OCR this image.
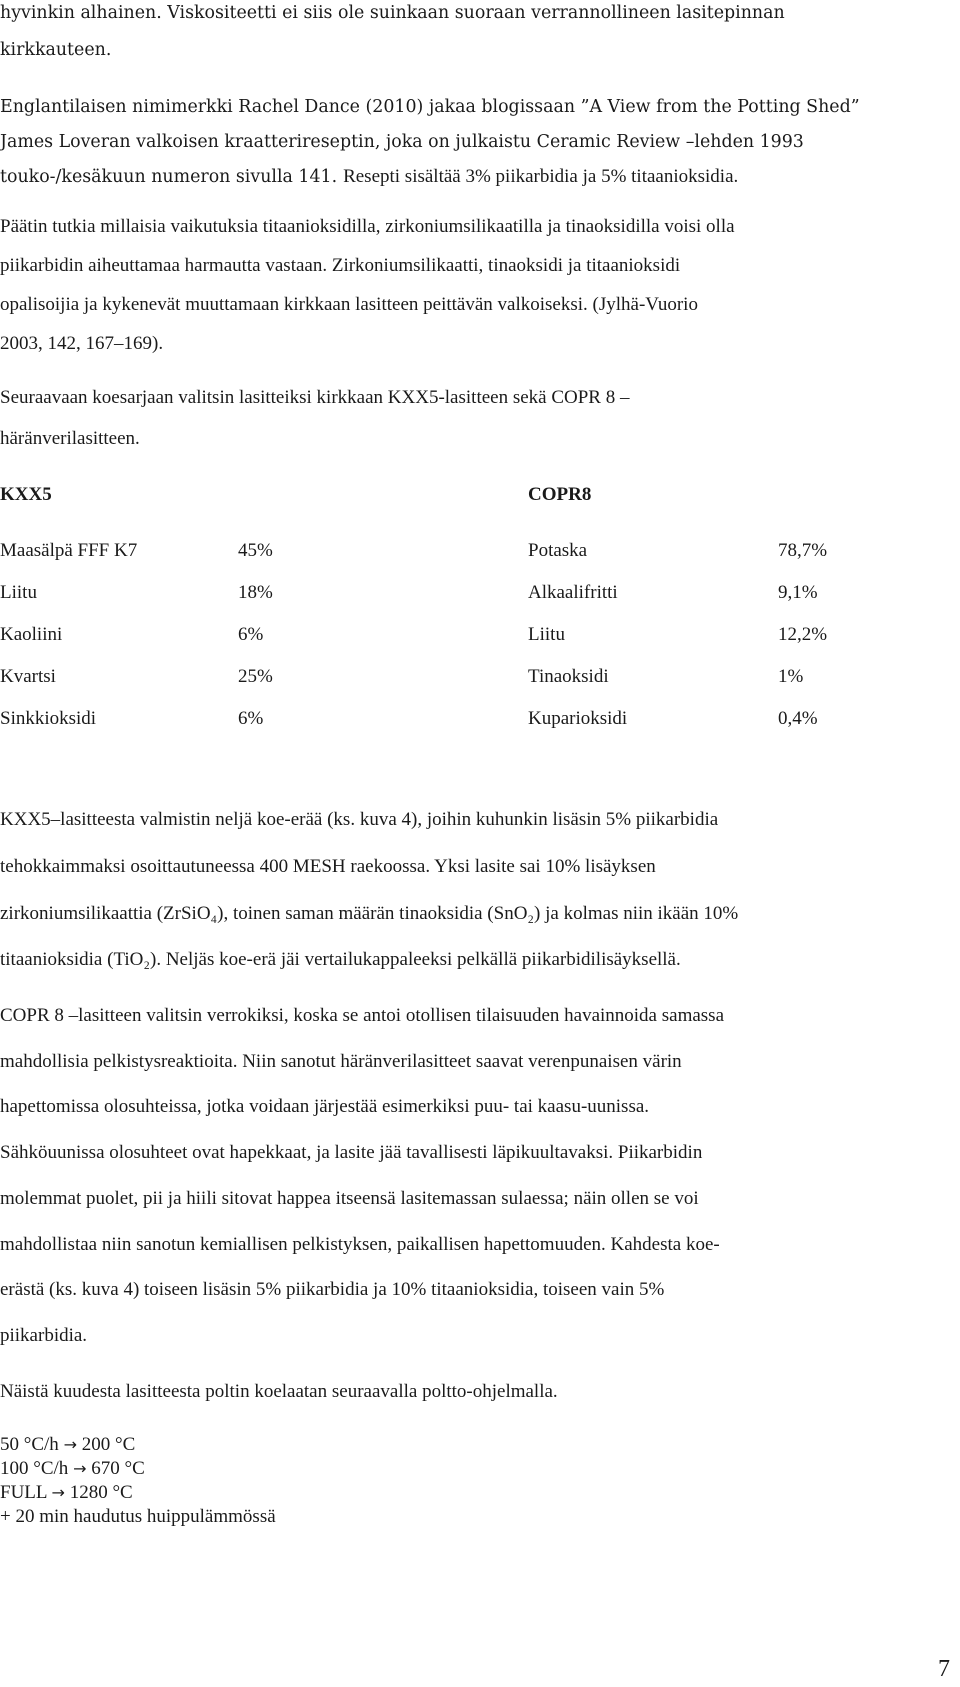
hyvinkin alhainen. Viskositeetti ei siis ole suinkaan suoraan verrannollineen lasitepinnan
kirkkauteen.
Englantilaisen nimimerkki Rachel Dance (2010) jakaa blogissaan ”A View from the Potting Shed”
James Loveran valkoisen kraatterireseptin, joka on julkaistu Ceramic Review –lehden 1993
touko-/kesäkuun numeron sivulla 141. Resepti sisältää 3% piikarbidia ja 5% titaanioksidia.
Päätin tutkia millaisia vaikutuksia titaanioksidilla, zirkoniumsilikaatilla ja tinaoksidilla voisi olla
piikarbidin aiheuttamaa harmautta vastaan. Zirkoniumsilikaatti, tinaoksidi ja titaanioksidi
opalisoijia ja kykenevät muuttamaan kirkkaan lasitteen peittävän valkoiseksi. (Jylhä-Vuorio
2003, 142, 167–169).
Seuraavaan koesarjaan valitsin lasitteiksi kirkkaan KXX5-lasitteen sekä COPR 8 –
häränverilasitteen.
KXX5	COPR8
Maasälpä FFF K7	45%	Potaska	78,7%
Liitu	18%	Alkaalifritti	9,1%
Kaoliini	6%	Liitu	12,2%
Kvartsi	25%	Tinaoksidi	1%
Sinkkioksidi	6%	Kuparioksidi	0,4%
KXX5–lasitteesta valmistin neljä koe-erää (ks. kuva 4), joihin kuhunkin lisäsin 5% piikarbidia
tehokkaimmaksi osoittautuneessa 400 MESH raekoossa. Yksi lasite sai 10% lisäyksen
zirkoniumsilikaattia (ZrSiO₄), toinen saman määrän tinaoksidia (SnO₂) ja kolmas niin ikään 10%
titaanioksidia (TiO₂). Neljäs koe-erä jäi vertailukappaleeksi pelkällä piikarbidilisäyksellä.
COPR 8 –lasitteen valitsin verrokiksi, koska se antoi otollisen tilaisuuden havainnoida samassa
mahdollisia pelkistysreaktioita. Niin sanotut häränverilasitteet saavat verenpunaisen värin
hapettomissa olosuhteissa, jotka voidaan järjestää esimerkiksi puu- tai kaasu-uunissa.
Sähköuunissa olosuhteet ovat hapekkaat, ja lasite jää tavallisesti läpikuultavaksi. Piikarbidin
molemmat puolet, pii ja hiili sitovat happea itseensä lasitemassan sulaessa; näin ollen se voi
mahdollistaa niin sanotun kemiallisen pelkistyksen, paikallisen hapettomuuden. Kahdesta koe-
erästä (ks. kuva 4) toiseen lisäsin 5% piikarbidia ja 10% titaanioksidia, toiseen vain 5%
piikarbidia.
Näistä kuudesta lasitteesta poltin koelaatan seuraavalla poltto-ohjelmalla.
50 °C/h → 200 °C
100 °C/h → 670 °C
FULL → 1280 °C
+ 20 min haudutus huippulämmössä
7
